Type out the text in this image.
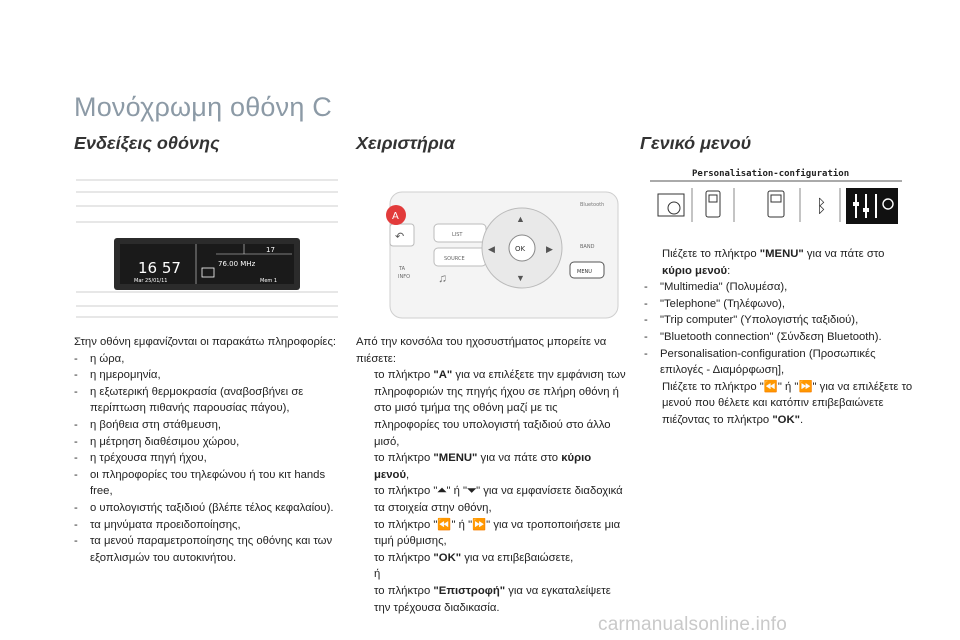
Μονόχρωμη οθόνη C
Ενδείξεις οθόνης
17
16 57
Mar 25/01/11
76.00 MHz
Mem 1

Στην οθόνη εμφανίζονται οι παρακάτω πληροφορίες:

- η ώρα,
- η ημερομηνία,
- η εξωτερική θερμοκρασία (αναβοσβήνει σε περίπτωση πιθανής παρουσίας πάγου),
- η βοήθεια στη στάθμευση,
- η μέτρηση διαθέσιμου χώρου,
- η τρέχουσα πηγή ήχου,
- οι πληροφορίες του τηλεφώνου ή του κιτ hands free,
- ο υπολογιστής ταξιδιού (βλέπε τέλος κεφαλαίου).
- τα μηνύματα προειδοποίησης,
- τα μενού παραμετροποίησης της οθόνης και των εξοπλισμών του αυτοκινήτου.
Χειριστήρια
LIST
SOURCE
TA
INFO ♫
↶
OK
▲
▼
◀	▶
MENU
BAND
Bluetooth
A

Από την κονσόλα του ηχοσυστήματος μπορείτε να πιέσετε:

το πλήκτρο "A" για να επιλέξετε την εμφάνιση των πληροφοριών της πηγής ήχου σε πλήρη οθόνη ή στο μισό τμήμα της οθόνη μαζί με τις πληροφορίες του υπολογιστή ταξιδιού στο άλλο μισό,
το πλήκτρο "MENU" για να πάτε στο κύριο μενού,
το πλήκτρο "⏶" ή "⏷" για να εμφανίσετε διαδοχικά τα στοιχεία στην οθόνη,
το πλήκτρο "⏪" ή "⏩" για να τροποποιήσετε μια τιμή ρύθμισης,
το πλήκτρο "OK" για να επιβεβαιώσετε,
ή
το πλήκτρο "Επιστροφή" για να εγκαταλείψετε την τρέχουσα διαδικασία.
Γενικό μενού
Personalisation-configuration
ᛒ
Πιέζετε το πλήκτρο "MENU" για να πάτε στο κύριο μενού:
- "Multimedia" (Πολυμέσα),
- "Telephone" (Τηλέφωνο),
- "Trip computer" (Υπολογιστής ταξιδιού),
- "Bluetooth connection" (Σύνδεση Bluetooth).
- Personalisation-configuration (Προσωπικές επιλογές - Διαμόρφωση],
Πιέζετε το πλήκτρο "⏪" ή "⏩" για να επιλέξετε το μενού που θέλετε και κατόπιν επιβεβαιώνετε πιέζοντας το πλήκτρο "OK".
carmanualsonline.info
